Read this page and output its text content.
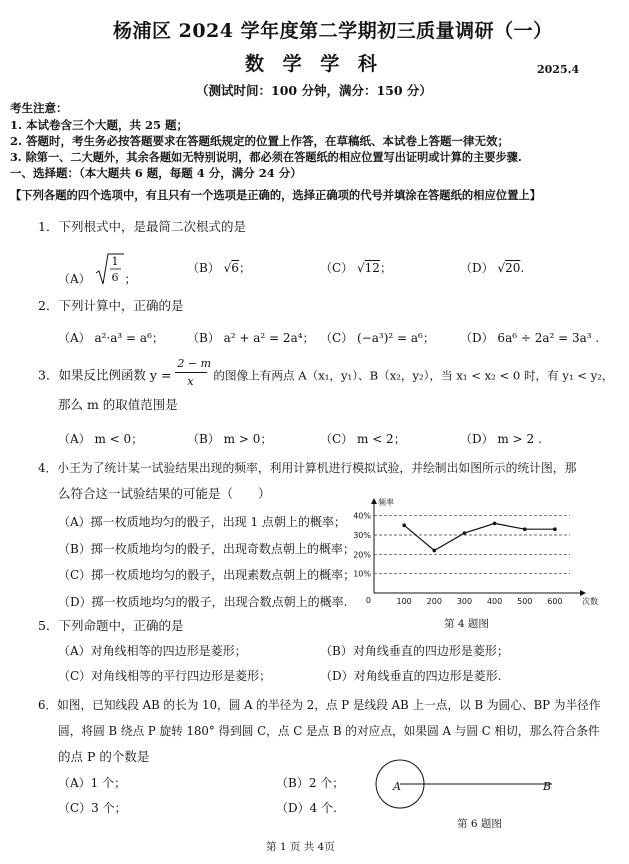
杨浦区 2024 学年度第二学期初三质量调研（一）
数 学 学 科	2025.4
（测试时间：100 分钟，满分：150 分）
考生注意：
1. 本试卷含三个大题，共 25 题；
2. 答题时，考生务必按答题要求在答题纸规定的位置上作答，在草稿纸、本试卷上答题一律无效；
3. 除第一、二大题外，其余各题如无特别说明，都必须在答题纸的相应位置写出证明或计算的主要步骤.
一、选择题：（本大题共 6 题，每题 4 分，满分 24 分）
【下列各题的四个选项中，有且只有一个选项是正确的，选择正确项的代号并填涂在答题纸的相应位置上】
1．下列根式中，是最简二次根式的是
（A）
1
6 ；
（B） √6；	（C） √12；	（D） √20.
2．下列计算中，正确的是
（A） a²·a³ = a⁶； （B） a² + a² = 2a⁴； （C） (−a³)² = a⁶； （D） 6a⁶ ÷ 2a² = 3a³ .
3．如果反比例函数 $y = \frac{2 - m}{x}$ 的图像上有两点 A（x₁，y₁）、B（x₂，y₂），当 x₁ < x₂ < 0 时，有 y₁ < y₂，
那么 m 的取值范围是
（A） m < 0；	（B） m > 0；	（C） m < 2；	（D） m > 2 .
4．小王为了统计某一试验结果出现的频率，利用计算机进行模拟试验，并绘制出如图所示的统计图，那
么符合这一试验结果的可能是（　　）
（A）掷一枚质地均匀的骰子，出现 1 点朝上的概率；
（B）掷一枚质地均匀的骰子，出现奇数点朝上的概率；
（C）掷一枚质地均匀的骰子，出现素数点朝上的概率；
（D）掷一枚质地均匀的骰子，出现合数点朝上的概率.
40%
30%
20%
10%
100 200 300 400 500 600
0
频率
次数
第 4 题图
5．下列命题中，正确的是
（A）对角线相等的四边形是菱形；	（B）对角线垂直的四边形是菱形；
（C）对角线相等的平行四边形是菱形；	（D）对角线垂直的四边形是菱形.
6．如图，已知线段 AB 的长为 10，圆 A 的半径为 2，点 P 是线段 AB 上一点，以 B 为圆心、BP 为半径作
圆，将圆 B 绕点 P 旋转 180° 得到圆 C，点 C 是点 B 的对应点，如果圆 A 与圆 C 相切，那么符合条件
的点 P 的个数是
（A）1 个；	（B）2 个；
（C）3 个；	（D）4 个.
A	B
第 6 题图
第 1 页 共 4页
